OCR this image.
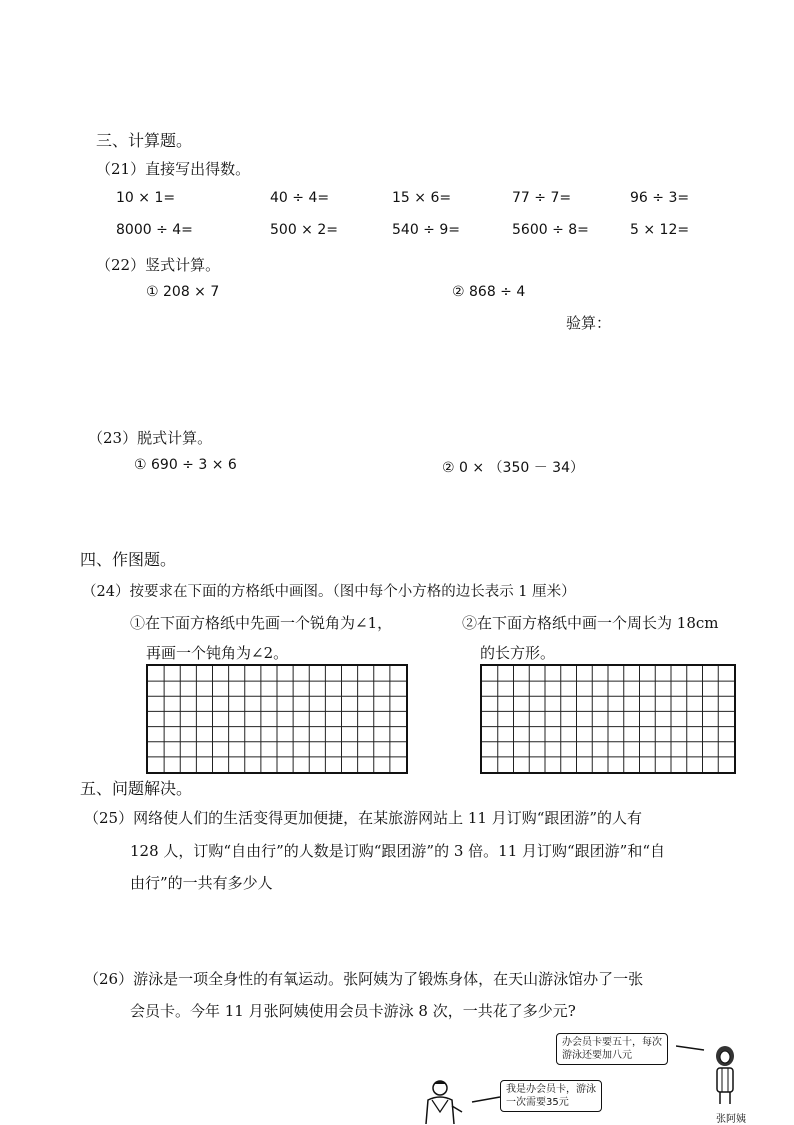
三、计算题。
（21）直接写出得数。
10 × 1=	40 ÷ 4=	15 × 6=	77 ÷ 7=	96 ÷ 3=
8000 ÷ 4=	500 × 2=	540 ÷ 9=	5600 ÷ 8=	5 × 12=
（22）竖式计算。
① 208 × 7	② 868 ÷ 4
验算：
（23）脱式计算。
① 690 ÷ 3 × 6	② 0 × （350 － 34）
四、作图题。
（24）按要求在下面的方格纸中画图。（图中每个小方格的边长表示 1 厘米）
①在下面方格纸中先画一个锐角为∠1，
再画一个钝角为∠2。
②在下面方格纸中画一个周长为 18cm
的长方形。
五、问题解决。
（25）网络使人们的生活变得更加便捷，在某旅游网站上 11 月订购“跟团游”的人有
128 人，订购“自由行”的人数是订购“跟团游”的 3 倍。11 月订购“跟团游”和“自
由行”的一共有多少人
（26）游泳是一项全身性的有氧运动。张阿姨为了锻炼身体，在天山游泳馆办了一张
会员卡。今年 11 月张阿姨使用会员卡游泳 8 次，一共花了多少元?
办会员卡要五十，每次
游泳还要加八元
我是办会员卡，游泳
一次需要35元
张阿姨
